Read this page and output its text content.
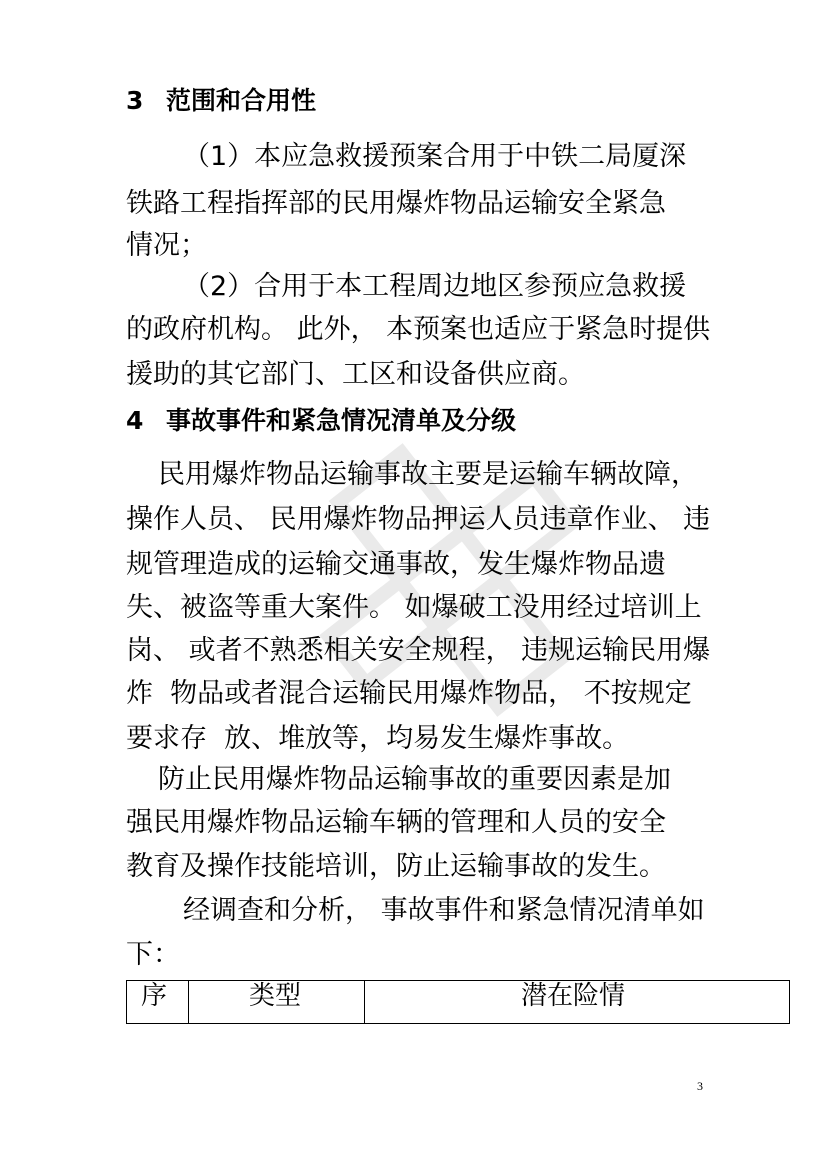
3 范围和合用性
（1）本应急救援预案合用于中铁二局厦深
铁路工程指挥部的民用爆炸物品运输安全紧急
情况；
（2）合用于本工程周边地区参预应急救援
的政府机构。 此外， 本预案也适应于紧急时提供
援助的其它部门、工区和设备供应商。
4 事故事件和紧急情况清单及分级
民用爆炸物品运输事故主要是运输车辆故障，
操作人员、 民用爆炸物品押运人员违章作业、 违
规管理造成的运输交通事故，发生爆炸物品遗
失、被盗等重大案件。 如爆破工没用经过培训上
岗、 或者不熟悉相关安全规程， 违规运输民用爆
炸  物品或者混合运输民用爆炸物品， 不按规定
要求存  放、堆放等，均易发生爆炸事故。
防止民用爆炸物品运输事故的重要因素是加
强民用爆炸物品运输车辆的管理和人员的安全
教育及操作技能培训，防止运输事故的发生。
经调查和分析， 事故事件和紧急情况清单如
下：
序	类型	潜在险情
3
